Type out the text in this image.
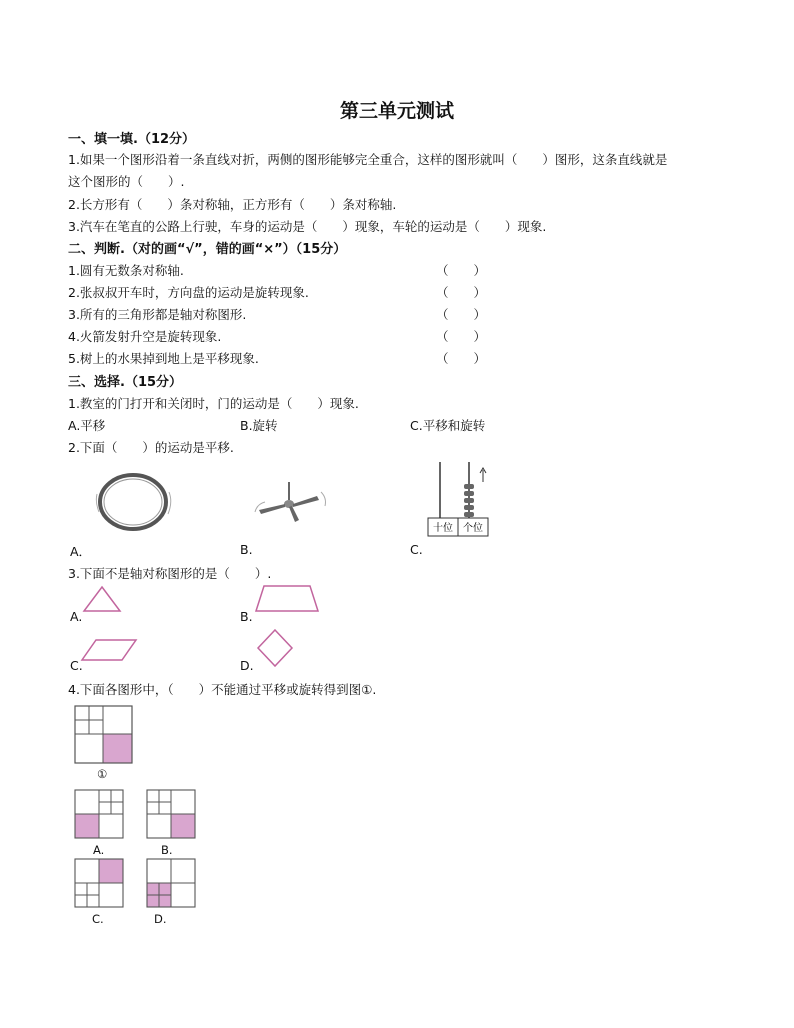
第三单元测试
一、填一填.（12分）
1.如果一个图形沿着一条直线对折，两侧的图形能够完全重合，这样的图形就叫（　　）图形，这条直线就是
这个图形的（　　）.
2.长方形有（　　）条对称轴，正方形有（　　）条对称轴.
3.汽车在笔直的公路上行驶，车身的运动是（　　）现象，车轮的运动是（　　）现象.
二、判断.（对的画“√”，错的画“×”）（15分）
1.圆有无数条对称轴.	（　　）
2.张叔叔开车时，方向盘的运动是旋转现象.	（　　）
3.所有的三角形都是轴对称图形.	（　　）
4.火箭发射升空是旋转现象.	（　　）
5.树上的水果掉到地上是平移现象.	（　　）
三、选择.（15分）
1.教室的门打开和关闭时，门的运动是（　　）现象.
A.平移	B.旋转	C.平移和旋转
2.下面（　　）的运动是平移.
十位 个位
A．	B.	C.
3.下面不是轴对称图形的是（　　）.
A.	B.
C.	D.
4.下面各图形中，（　　）不能通过平移或旋转得到图①.
①
A.	B.
C.	D.
